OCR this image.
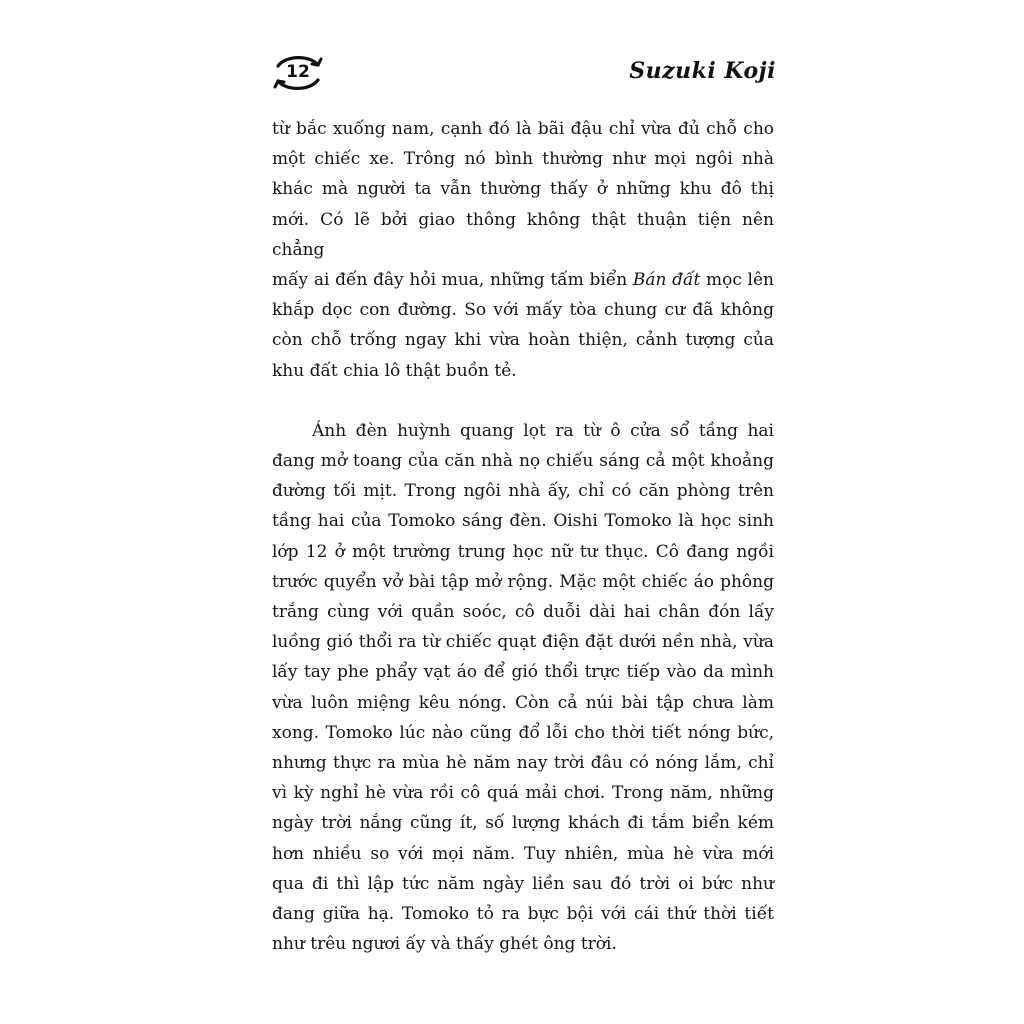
12	Suzuki Koji
từ bắc xuống nam, cạnh đó là bãi đậu chỉ vừa đủ chỗ cho
một chiếc xe. Trông nó bình thường như mọi ngôi nhà
khác mà người ta vẫn thường thấy ở những khu đô thị
mới. Có lẽ bởi giao thông không thật thuận tiện nên chẳng
mấy ai đến đây hỏi mua, những tấm biển Bán đất mọc lên
khắp dọc con đường. So với mấy tòa chung cư đã không
còn chỗ trống ngay khi vừa hoàn thiện, cảnh tượng của
khu đất chia lô thật buồn tẻ.
Ánh đèn huỳnh quang lọt ra từ ô cửa sổ tầng hai
đang mở toang của căn nhà nọ chiếu sáng cả một khoảng
đường tối mịt. Trong ngôi nhà ấy, chỉ có căn phòng trên
tầng hai của Tomoko sáng đèn. Oishi Tomoko là học sinh
lớp 12 ở một trường trung học nữ tư thục. Cô đang ngồi
trước quyển vở bài tập mở rộng. Mặc một chiếc áo phông
trắng cùng với quần soóc, cô duỗi dài hai chân đón lấy
luồng gió thổi ra từ chiếc quạt điện đặt dưới nền nhà, vừa
lấy tay phe phẩy vạt áo để gió thổi trực tiếp vào da mình
vừa luôn miệng kêu nóng. Còn cả núi bài tập chưa làm
xong. Tomoko lúc nào cũng đổ lỗi cho thời tiết nóng bức,
nhưng thực ra mùa hè năm nay trời đâu có nóng lắm, chỉ
vì kỳ nghỉ hè vừa rồi cô quá mải chơi. Trong năm, những
ngày trời nắng cũng ít, số lượng khách đi tắm biển kém
hơn nhiều so với mọi năm. Tuy nhiên, mùa hè vừa mới
qua đi thì lập tức năm ngày liền sau đó trời oi bức như
đang giữa hạ. Tomoko tỏ ra bực bội với cái thứ thời tiết
như trêu ngươi ấy và thấy ghét ông trời.
